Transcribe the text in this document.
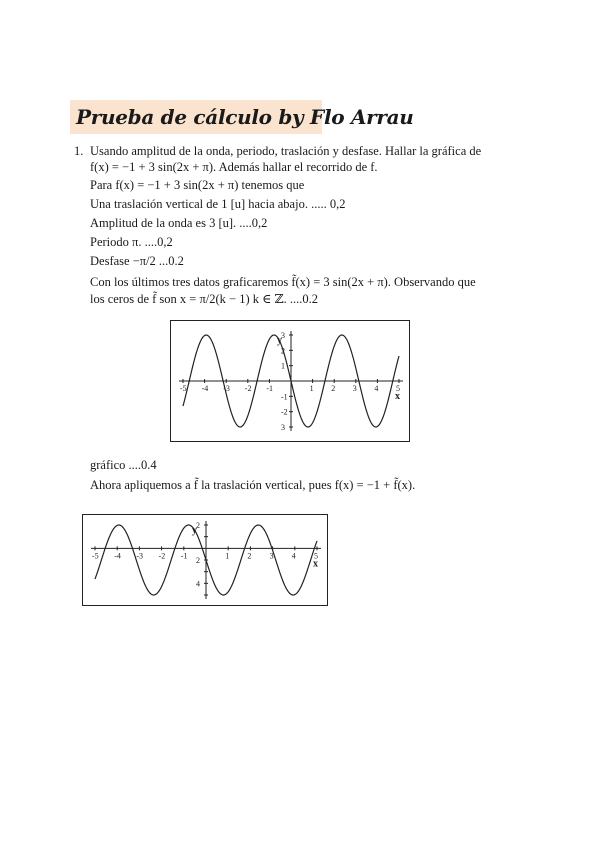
Prueba de cálculo by Flo Arrau
1. Usando amplitud de la onda, periodo, traslación y desfase. Hallar la gráfica de
f(x) = −1 + 3 sin(2x + π). Además hallar el recorrido de f.
Para f(x) = −1 + 3 sin(2x + π) tenemos que
Una traslación vertical de 1 [u] hacia abajo. ..... 0,2
Amplitud de la onda es 3 [u]. ....0,2
Periodo π. ....0,2
Desfase −π/2 ...0.2
Con los últimos tres datos graficaremos f̃(x) = 3 sin(2x + π). Observando que
los ceros de f̃ son x = π/2(k − 1) k ∈ ℤ. ....0.2
-5 -4 -3 -2 -1	1 2 3 4 5
3
2
1
-1
-2
3
x
y
gráfico ....0.4
Ahora apliquemos a f̃ la traslación vertical, pues f(x) = −1 + f̃(x).
-5 -4 -3 -2 -1	1 2 3 4 5
2
2
4
x
y
